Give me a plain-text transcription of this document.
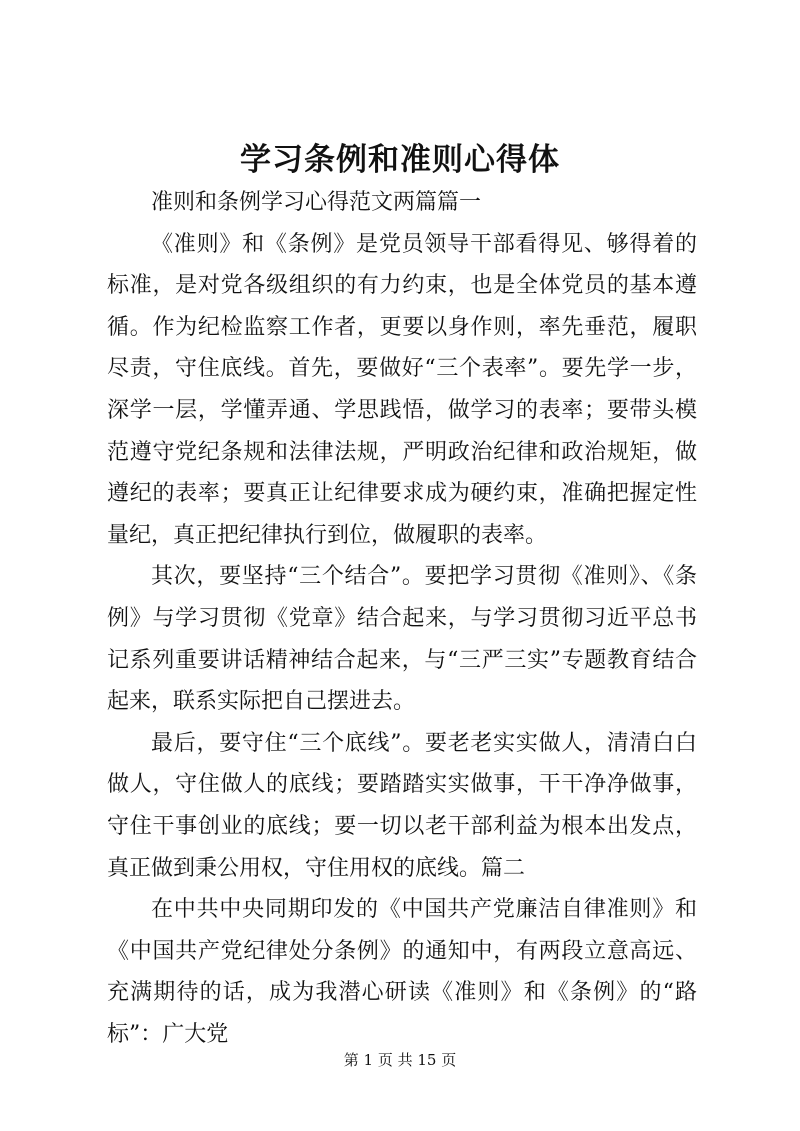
学习条例和准则心得体

准则和条例学习心得范文两篇篇一

《准则》和《条例》是党员领导干部看得见、够得着的标准，是对党各级组织的有力约束，也是全体党员的基本遵循。作为纪检监察工作者，更要以身作则，率先垂范，履职尽责，守住底线。首先，要做好“三个表率”。要先学一步，深学一层，学懂弄通、学思践悟，做学习的表率；要带头模范遵守党纪条规和法律法规，严明政治纪律和政治规矩，做遵纪的表率；要真正让纪律要求成为硬约束，准确把握定性量纪，真正把纪律执行到位，做履职的表率。

其次，要坚持“三个结合”。要把学习贯彻《准则》、《条例》与学习贯彻《党章》结合起来，与学习贯彻习近平总书记系列重要讲话精神结合起来，与“三严三实”专题教育结合起来，联系实际把自己摆进去。

最后，要守住“三个底线”。要老老实实做人，清清白白做人，守住做人的底线；要踏踏实实做事，干干净净做事，守住干事创业的底线；要一切以老干部利益为根本出发点，真正做到秉公用权，守住用权的底线。篇二

在中共中央同期印发的《中国共产党廉洁自律准则》和《中国共产党纪律处分条例》的通知中，有两段立意高远、充满期待的话，成为我潜心研读《准则》和《条例》的“路标”：广大党

第 1 页 共 15 页
